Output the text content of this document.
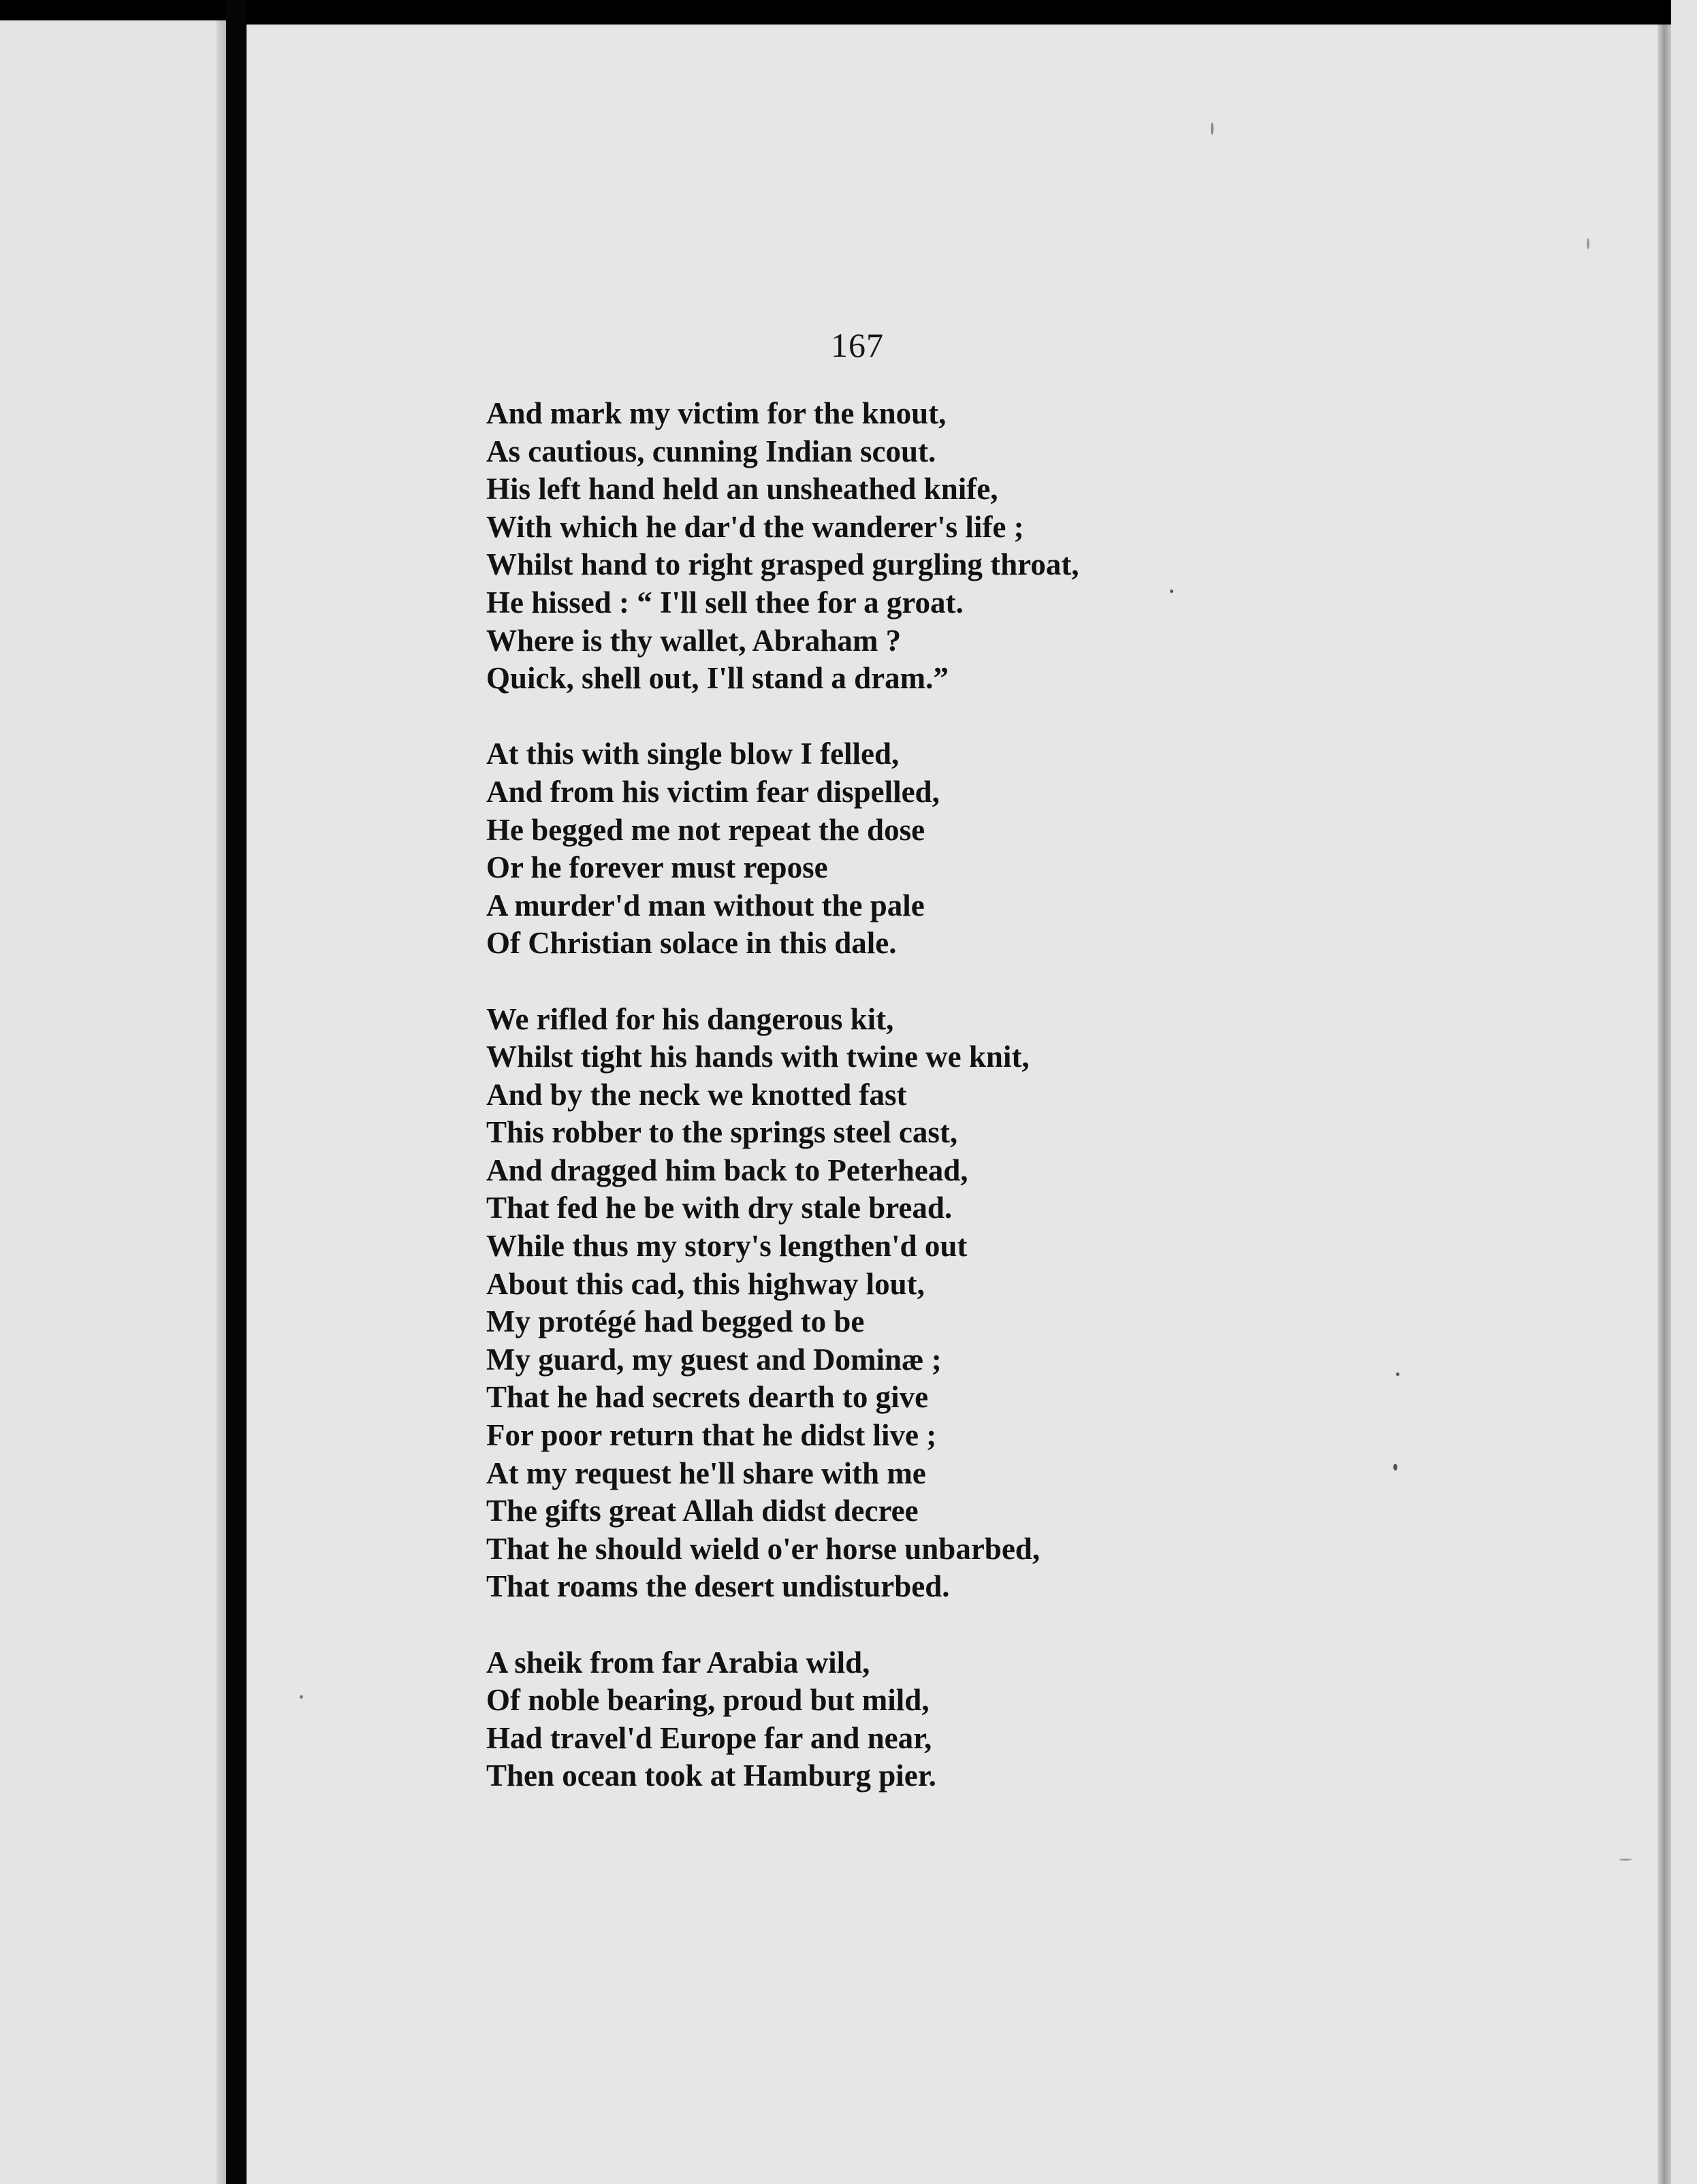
167
And mark my victim for the knout,
As cautious, cunning Indian scout.
His left hand held an unsheathed knife,
With which he dar'd the wanderer's life ;
Whilst hand to right grasped gurgling throat,
He hissed : “ I'll sell thee for a groat.
Where is thy wallet, Abraham ?
Quick, shell out, I'll stand a dram.”
At this with single blow I felled,
And from his victim fear dispelled,
He begged me not repeat the dose
Or he forever must repose
A murder'd man without the pale
Of Christian solace in this dale.
We rifled for his dangerous kit,
Whilst tight his hands with twine we knit,
And by the neck we knotted fast
This robber to the springs steel cast,
And dragged him back to Peterhead,
That fed he be with dry stale bread.
While thus my story's lengthen'd out
About this cad, this highway lout,
My protégé had begged to be
My guard, my guest and Dominæ ;
That he had secrets dearth to give
For poor return that he didst live ;
At my request he'll share with me
The gifts great Allah didst decree
That he should wield o'er horse unbarbed,
That roams the desert undisturbed.
A sheik from far Arabia wild,
Of noble bearing, proud but mild,
Had travel'd Europe far and near,
Then ocean took at Hamburg pier.
